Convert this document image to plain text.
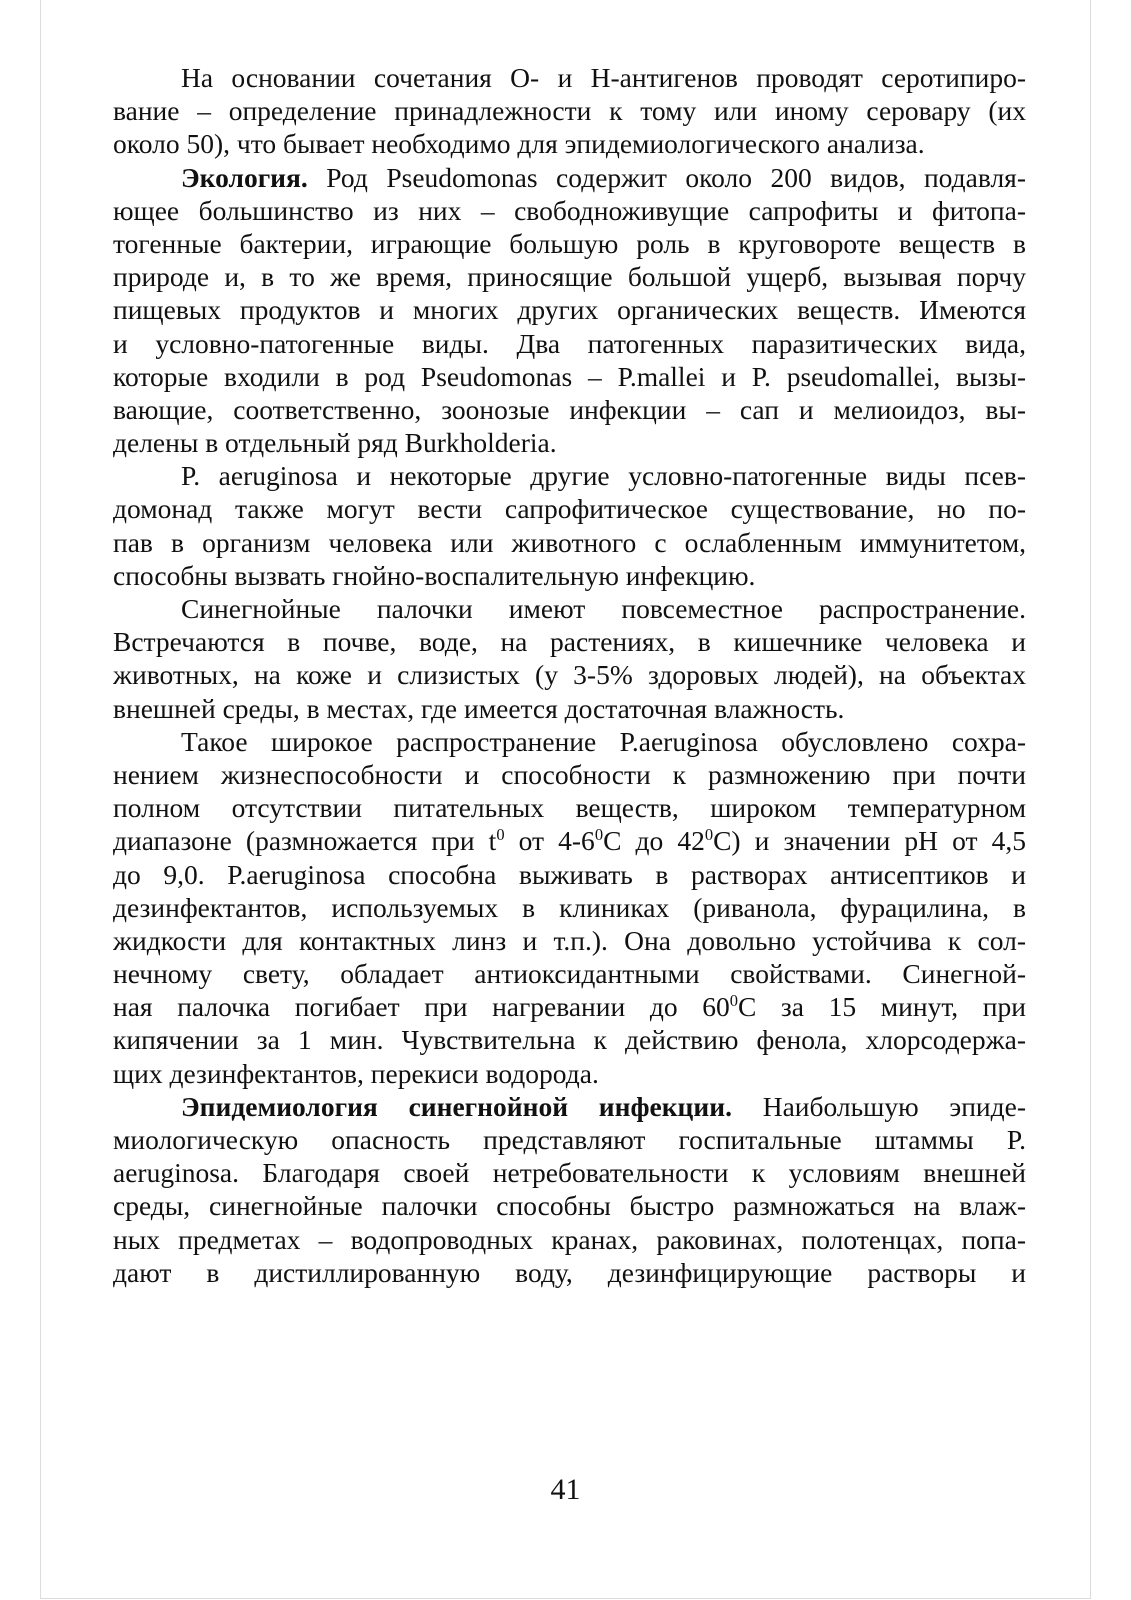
На основании сочетания О- и Н-антигенов проводят серотипиро-
вание – определение принадлежности к тому или иному серовару (их
около 50), что бывает необходимо для эпидемиологического анализа.
Экология. Род Pseudomonas содержит около 200 видов, подавля-
ющее большинство из них – свободноживущие сапрофиты и фитопа-
тогенные бактерии, играющие большую роль в круговороте веществ в
природе и, в то же время, приносящие большой ущерб, вызывая порчу
пищевых продуктов и многих других органических веществ. Имеются
и условно-патогенные виды. Два патогенных паразитических вида,
которые входили в род Pseudomonas – P.mallei и P. pseudomallei, вызы-
вающие, соответственно, зоонозые инфекции – сап и мелиоидоз, вы-
делены в отдельный ряд Burkholderia.
P. aeruginosa и некоторые другие условно-патогенные виды псев-
домонад также могут вести сапрофитическое существование, но по-
пав в организм человека или животного с ослабленным иммунитетом,
способны вызвать гнойно-воспалительную инфекцию.
Синегнойные палочки имеют повсеместное распространение.
Встречаются в почве, воде, на растениях, в кишечнике человека и
животных, на коже и слизистых (у 3-5% здоровых людей), на объектах
внешней среды, в местах, где имеется достаточная влажность.
Такое широкое распространение P.aeruginosa обусловлено сохра-
нением жизнеспособности и способности к размножению при почти
полном отсутствии питательных веществ, широком температурном
диапазоне (размножается при $t^0$ от $4-6^0С$ до $42^0С$) и значении рН от 4,5
до 9,0. P.aeruginosa способна выживать в растворах антисептиков и
дезинфектантов, используемых в клиниках (риванола, фурацилина, в
жидкости для контактных линз и т.п.). Она довольно устойчива к сол-
нечному свету, обладает антиоксидантными свойствами. Синегной-
ная палочка погибает при нагревании до $60^0С$ за 15 минут, при
кипячении за 1 мин. Чувствительна к действию фенола, хлорсодержа-
щих дезинфектантов, перекиси водорода.
Эпидемиология синегнойной инфекции. Наибольшую эпиде-
миологическую опасность представляют госпитальные штаммы P.
aeruginosa. Благодаря своей нетребовательности к условиям внешней
среды, синегнойные палочки способны быстро размножаться на влаж-
ных предметах – водопроводных кранах, раковинах, полотенцах, попа-
дают в дистиллированную воду, дезинфицирующие растворы и
41
